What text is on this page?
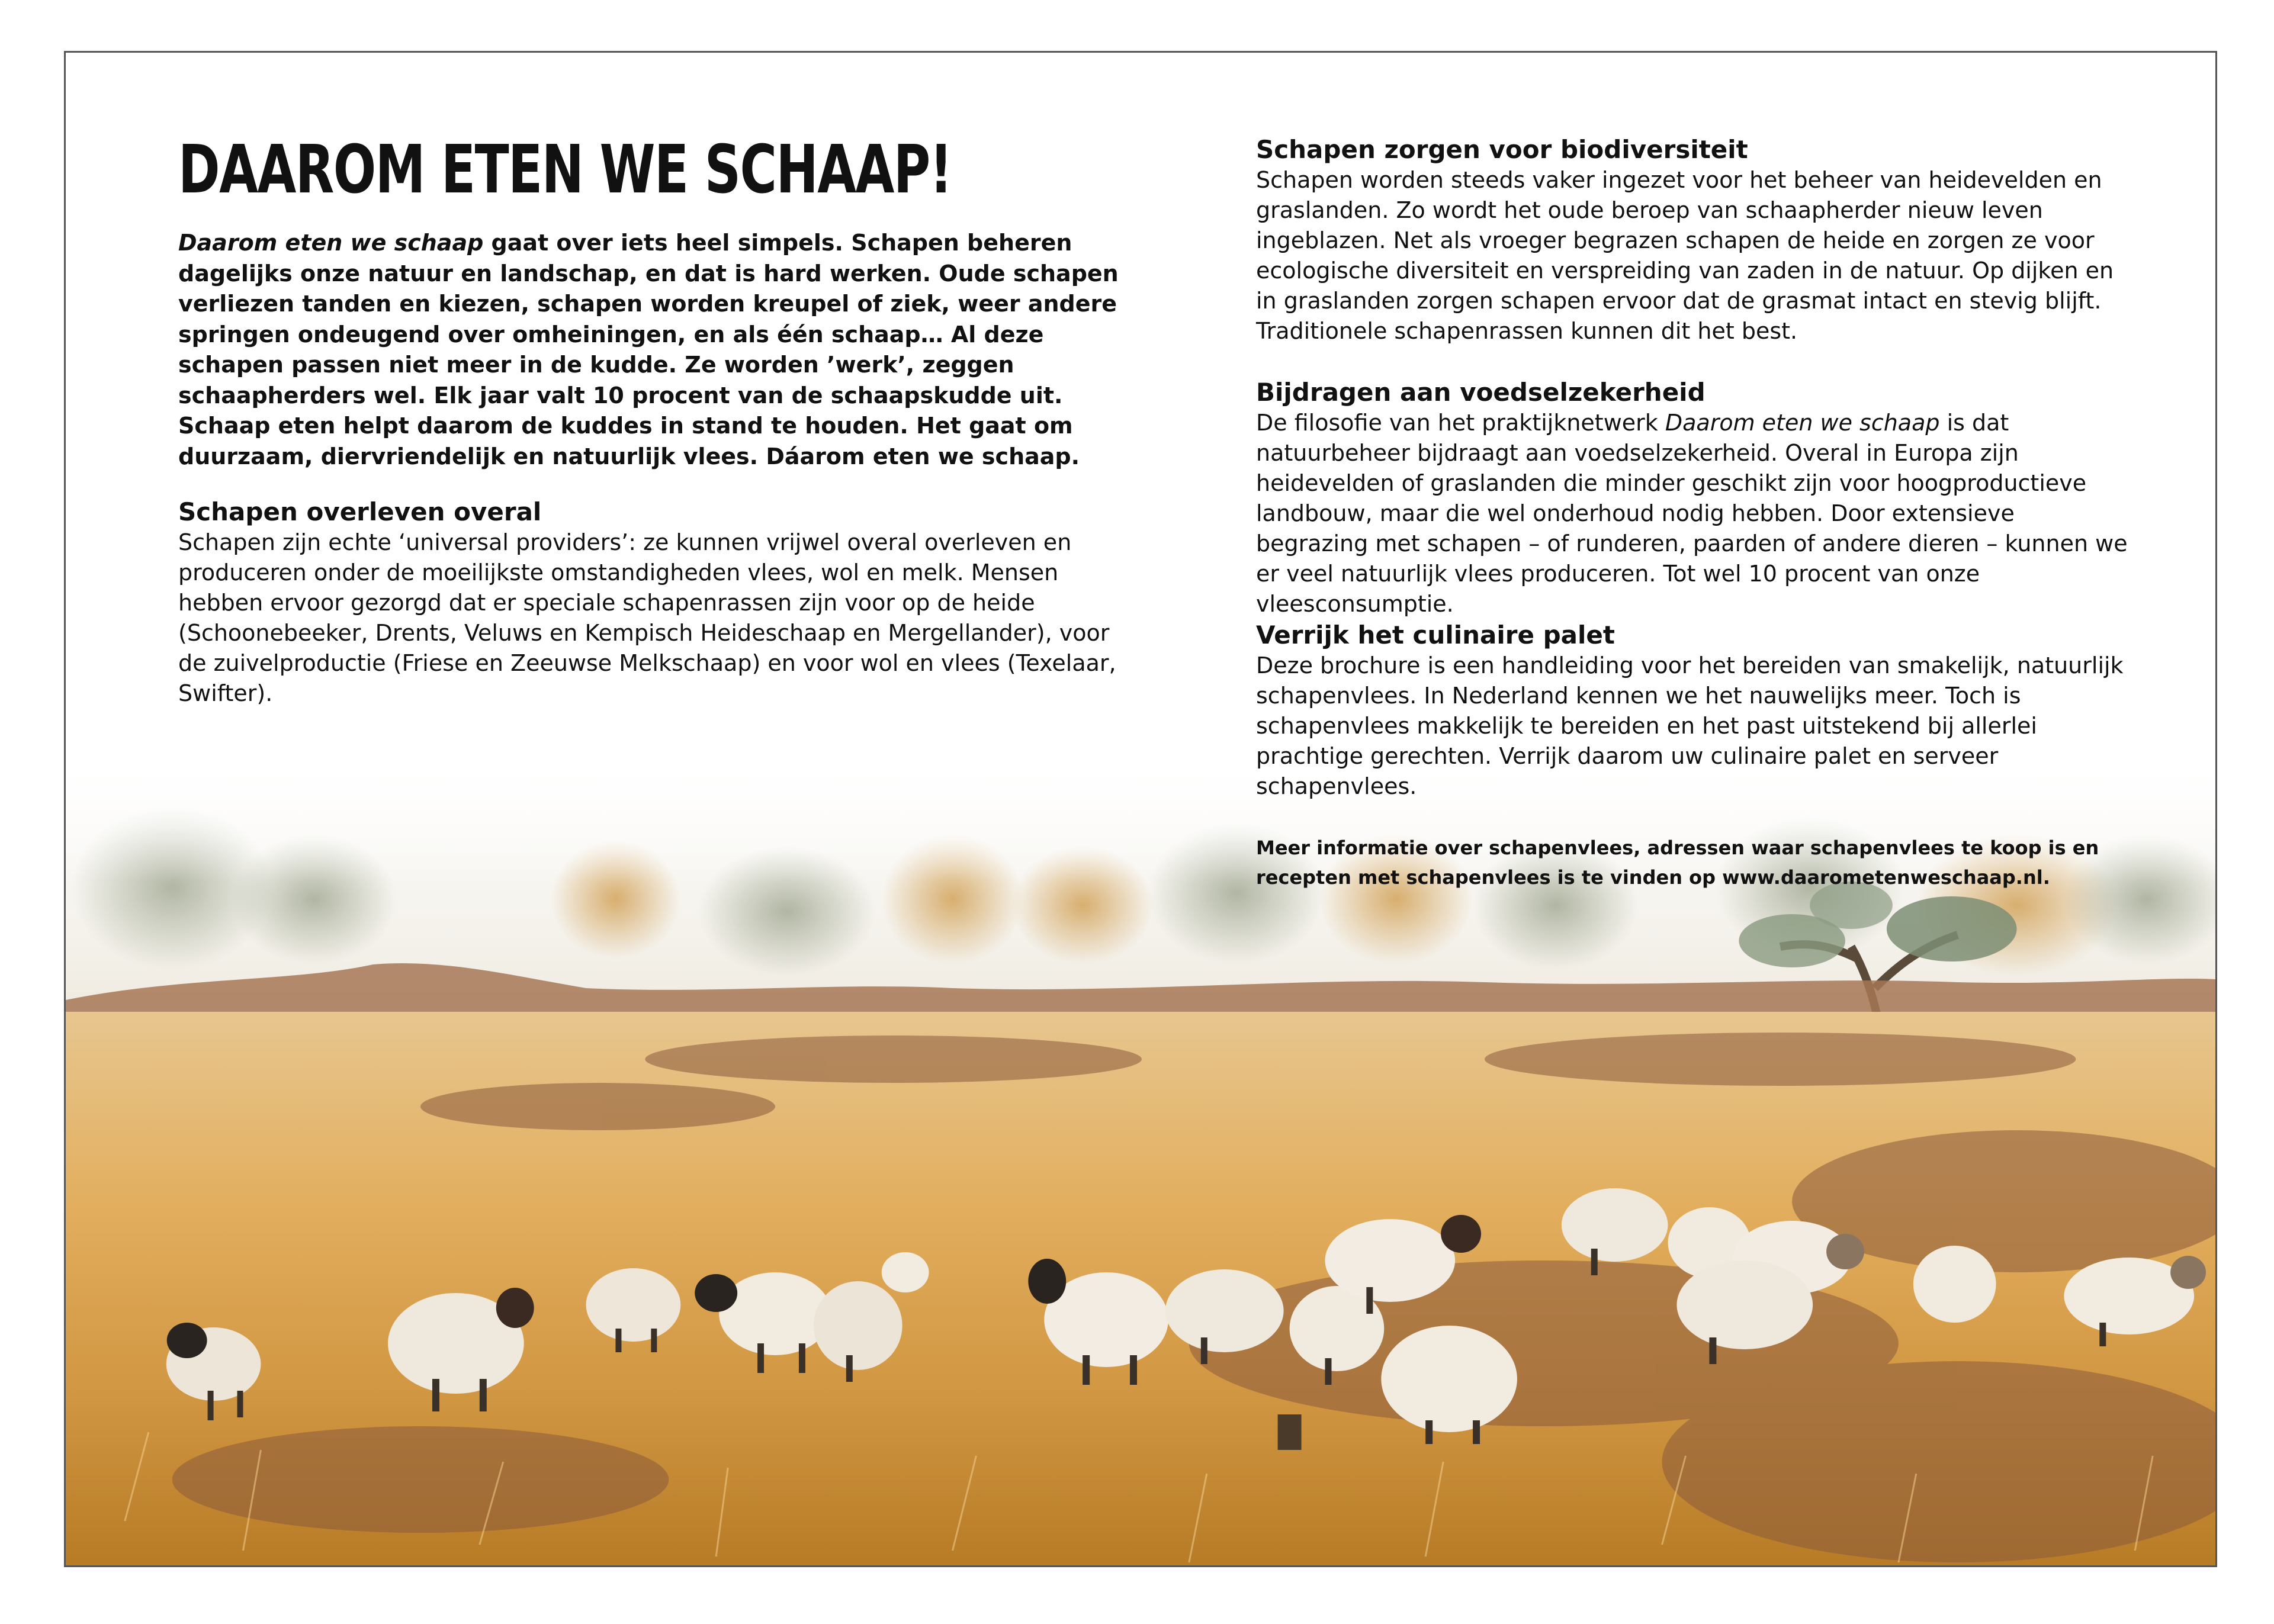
DAAROM ETEN WE SCHAAP!

Daarom eten we schaap gaat over iets heel simpels. Schapen beheren dagelijks onze natuur en landschap, en dat is hard werken. Oude schapen verliezen tanden en kiezen, schapen worden kreupel of ziek, weer andere springen ondeugend over omheiningen, en als één schaap… Al deze schapen passen niet meer in de kudde. Ze worden ’werk’, zeggen schaapherders wel. Elk jaar valt 10 procent van de schaapskudde uit. Schaap eten helpt daarom de kuddes in stand te houden. Het gaat om duurzaam, diervriendelijk en natuurlijk vlees. Dáarom eten we schaap.

Schapen overleven overal

Schapen zijn echte ‘universal providers’: ze kunnen vrijwel overal overleven en produceren onder de moeilijkste omstandigheden vlees, wol en melk. Mensen hebben ervoor gezorgd dat er speciale schapenrassen zijn voor op de heide (Schoonebeeker, Drents, Veluws en Kempisch Heideschaap en Mergellander), voor de zuivelproductie (Friese en Zeeuwse Melkschaap) en voor wol en vlees (Texelaar, Swifter).

Schapen zorgen voor biodiversiteit

Schapen worden steeds vaker ingezet voor het beheer van heidevelden en graslanden. Zo wordt het oude beroep van schaapherder nieuw leven ingeblazen. Net als vroeger begrazen schapen de heide en zorgen ze voor ecologische diversiteit en verspreiding van zaden in de natuur. Op dijken en in graslanden zorgen schapen ervoor dat de grasmat intact en stevig blijft. Traditionele schapenrassen kunnen dit het best.

Bijdragen aan voedselzekerheid

De filosofie van het praktijknetwerk Daarom eten we schaap is dat natuurbeheer bijdraagt aan voedselzekerheid. Overal in Europa zijn heidevelden of graslanden die minder geschikt zijn voor hoogproductieve landbouw, maar die wel onderhoud nodig hebben. Door extensieve begrazing met schapen – of runderen, paarden of andere dieren – kunnen we er veel natuurlijk vlees produceren. Tot wel 10 procent van onze vleesconsumptie.

Verrijk het culinaire palet

Deze brochure is een handleiding voor het bereiden van smakelijk, natuurlijk schapenvlees. In Nederland kennen we het nauwelijks meer. Toch is schapenvlees makkelijk te bereiden en het past uitstekend bij allerlei prachtige gerechten. Verrijk daarom uw culinaire palet en serveer schapenvlees.

Meer informatie over schapenvlees, adressen waar schapenvlees te koop is en recepten met schapenvlees is te vinden op www.daarometenweschaap.nl.
